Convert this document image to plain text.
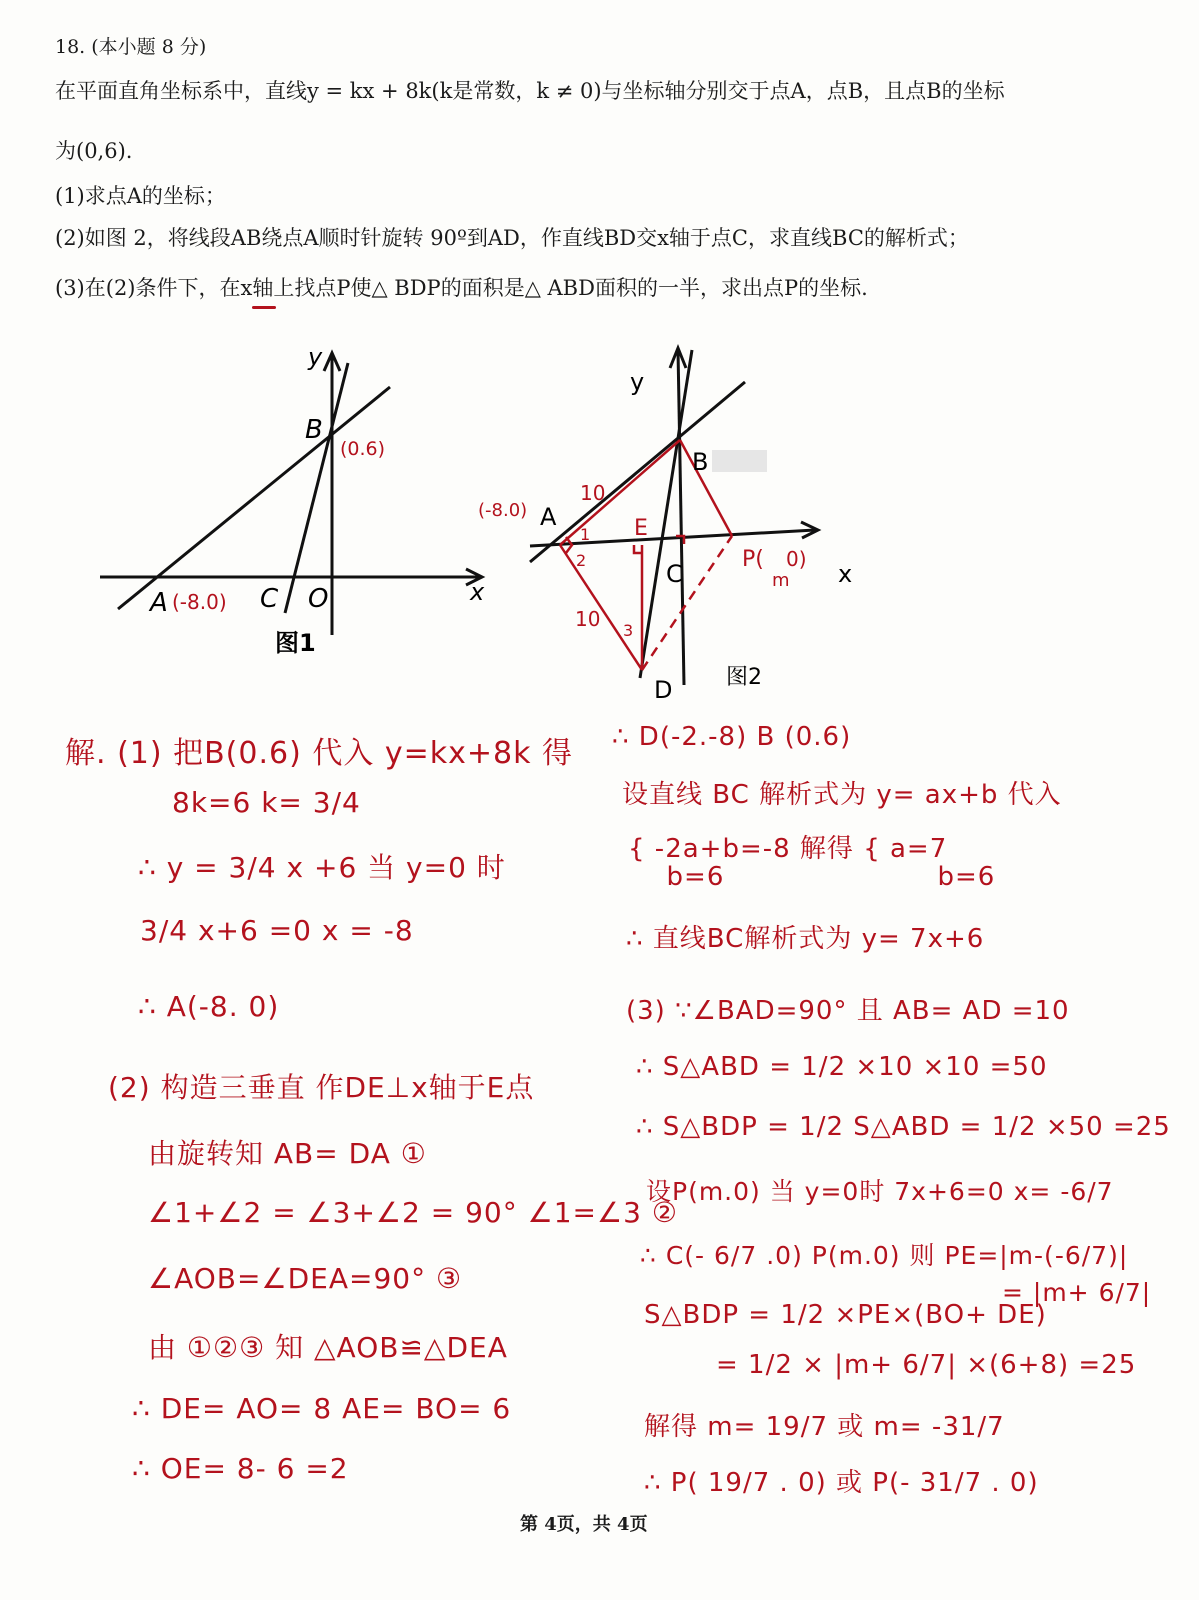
18. (本小题 8 分)
在平面直角坐标系中，直线y = kx + 8k(k是常数，k ≠ 0)与坐标轴分别交于点A，点B，且点B的坐标
为(0,6).
(1)求点A的坐标；
(2)如图 2，将线段AB绕点A顺时针旋转 90º到AD，作直线BD交x轴于点C，求直线BC的解析式；
(3)在(2)条件下，在x轴上找点P使△ BDP的面积是△ ABD面积的一半，求出点P的坐标.
y
B
(0.6)
x
A (-8.0) C O
图1
y
B
10
(-8.0) A
1
2
E
C
P( 0)
m x
10 3
D 图2
解. (1) 把B(0.6) 代入 y=kx+8k 得
8k=6 k= 3/4
∴ y = 3/4 x +6 当 y=0 时
3/4 x+6 =0 x = -8
∴ A(-8. 0)
(2) 构造三垂直 作DE⊥x轴于E点
由旋转知 AB= DA ①
∠1+∠2 = ∠3+∠2 = 90° ∠1=∠3 ②
∠AOB=∠DEA=90° ③
由 ①②③ 知 △AOB≌△DEA
∴ DE= AO= 8 AE= BO= 6
∴ OE= 8- 6 =2
∴ D(-2.-8) B (0.6)
设直线 BC 解析式为 y= ax+b 代入
{ -2a+b=-8 解得 { a=7
b=6                       b=6
∴ 直线BC解析式为 y= 7x+6
(3) ∵∠BAD=90° 且 AB= AD =10
∴ S△ABD = 1/2 ×10 ×10 =50
∴ S△BDP = 1/2 S△ABD = 1/2 ×50 =25
设P(m.0) 当 y=0时 7x+6=0 x= -6/7
∴ C(- 6/7 .0) P(m.0) 则 PE=|m-(-6/7)|
= |m+ 6/7|
S△BDP = 1/2 ×PE×(BO+ DE)
= 1/2 × |m+ 6/7| ×(6+8) =25
解得 m= 19/7 或 m= -31/7
∴ P( 19/7 . 0) 或 P(- 31/7 . 0)
第 4页，共 4页
